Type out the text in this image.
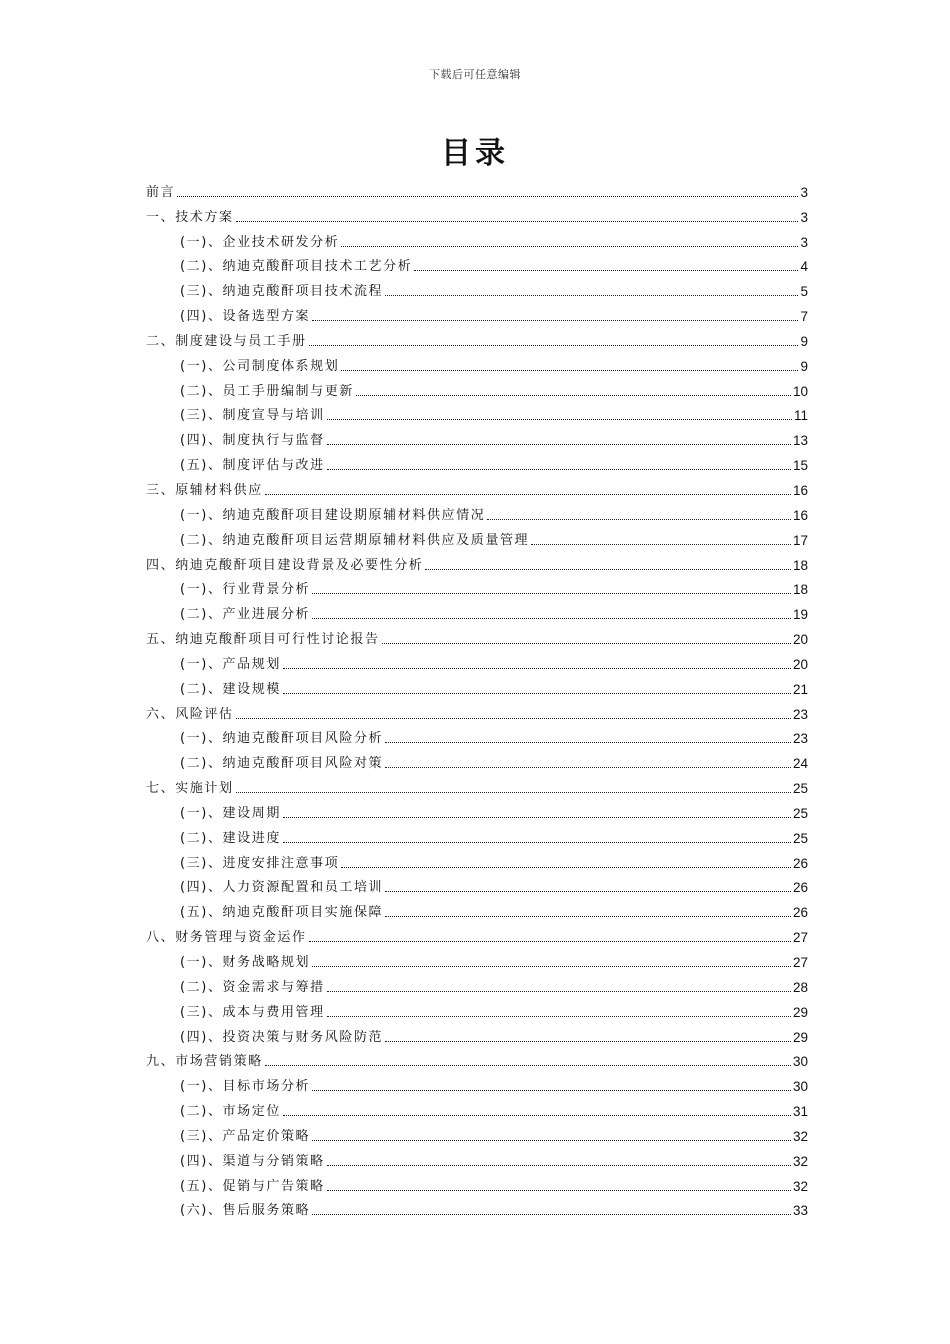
下载后可任意编辑
目录
前言	3
一、技术方案	3
(一)、企业技术研发分析	3
(二)、纳迪克酸酐项目技术工艺分析	4
(三)、纳迪克酸酐项目技术流程	5
(四)、设备选型方案	7
二、制度建设与员工手册	9
(一)、公司制度体系规划	9
(二)、员工手册编制与更新	10
(三)、制度宣导与培训	11
(四)、制度执行与监督	13
(五)、制度评估与改进	15
三、原辅材料供应	16
(一)、纳迪克酸酐项目建设期原辅材料供应情况	16
(二)、纳迪克酸酐项目运营期原辅材料供应及质量管理	17
四、纳迪克酸酐项目建设背景及必要性分析	18
(一)、行业背景分析	18
(二)、产业进展分析	19
五、纳迪克酸酐项目可行性讨论报告	20
(一)、产品规划	20
(二)、建设规模	21
六、风险评估	23
(一)、纳迪克酸酐项目风险分析	23
(二)、纳迪克酸酐项目风险对策	24
七、实施计划	25
(一)、建设周期	25
(二)、建设进度	25
(三)、进度安排注意事项	26
(四)、人力资源配置和员工培训	26
(五)、纳迪克酸酐项目实施保障	26
八、财务管理与资金运作	27
(一)、财务战略规划	27
(二)、资金需求与筹措	28
(三)、成本与费用管理	29
(四)、投资决策与财务风险防范	29
九、市场营销策略	30
(一)、目标市场分析	30
(二)、市场定位	31
(三)、产品定价策略	32
(四)、渠道与分销策略	32
(五)、促销与广告策略	32
(六)、售后服务策略	33
